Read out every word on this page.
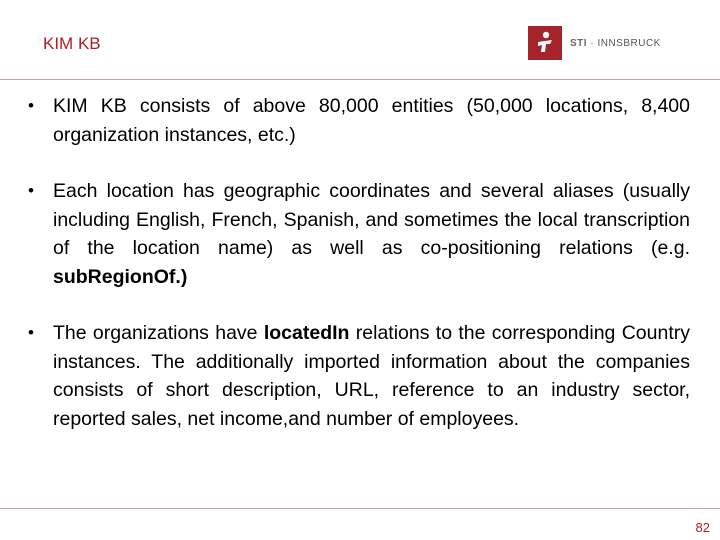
KIM KB	STI · INNSBRUCK
• KIM KB consists of above 80,000 entities (50,000 locations, 8,400 organization instances, etc.)
• Each location has geographic coordinates and several aliases (usually including English, French, Spanish, and sometimes the local transcription of the location name) as well as co-positioning relations (e.g. subRegionOf.)
• The organizations have locatedIn relations to the corresponding Country instances. The additionally imported information about the companies consists of short description, URL, reference to an industry sector, reported sales, net income,and number of employees.
82
